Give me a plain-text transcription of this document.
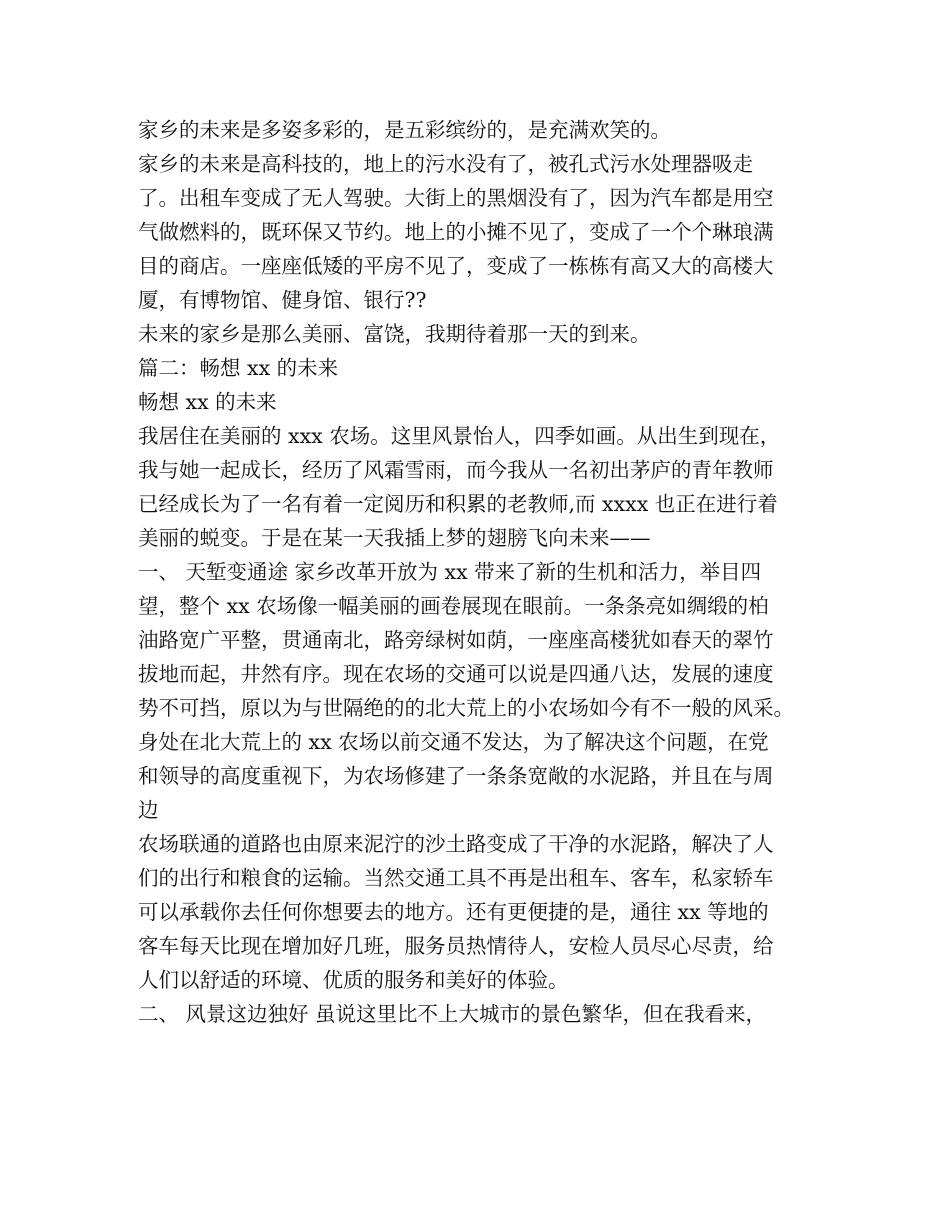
家乡的未来是多姿多彩的，是五彩缤纷的，是充满欢笑的。
家乡的未来是高科技的，地上的污水没有了，被孔式污水处理器吸走
了。出租车变成了无人驾驶。大街上的黑烟没有了，因为汽车都是用空
气做燃料的，既环保又节约。地上的小摊不见了，变成了一个个琳琅满
目的商店。一座座低矮的平房不见了，变成了一栋栋有高又大的高楼大
厦，有博物馆、健身馆、银行??
未来的家乡是那么美丽、富饶，我期待着那一天的到来。
篇二：畅想 xx 的未来
畅想 xx 的未来
我居住在美丽的 xxx 农场。这里风景怡人，四季如画。从出生到现在，
我与她一起成长，经历了风霜雪雨，而今我从一名初出茅庐的青年教师
已经成长为了一名有着一定阅历和积累的老教师,而 xxxx 也正在进行着
美丽的蜕变。于是在某一天我插上梦的翅膀飞向未来——
一、 天堑变通途 家乡改革开放为 xx 带来了新的生机和活力，举目四
望，整个 xx 农场像一幅美丽的画卷展现在眼前。一条条亮如绸缎的柏
油路宽广平整，贯通南北，路旁绿树如荫，一座座高楼犹如春天的翠竹
拔地而起，井然有序。现在农场的交通可以说是四通八达，发展的速度
势不可挡，原以为与世隔绝的的北大荒上的小农场如今有不一般的风采。
身处在北大荒上的 xx 农场以前交通不发达，为了解决这个问题，在党
和领导的高度重视下，为农场修建了一条条宽敞的水泥路，并且在与周
边
农场联通的道路也由原来泥泞的沙土路变成了干净的水泥路，解决了人
们的出行和粮食的运输。当然交通工具不再是出租车、客车，私家轿车
可以承载你去任何你想要去的地方。还有更便捷的是，通往 xx 等地的
客车每天比现在增加好几班，服务员热情待人，安检人员尽心尽责，给
人们以舒适的环境、优质的服务和美好的体验。
二、 风景这边独好 虽说这里比不上大城市的景色繁华，但在我看来，
